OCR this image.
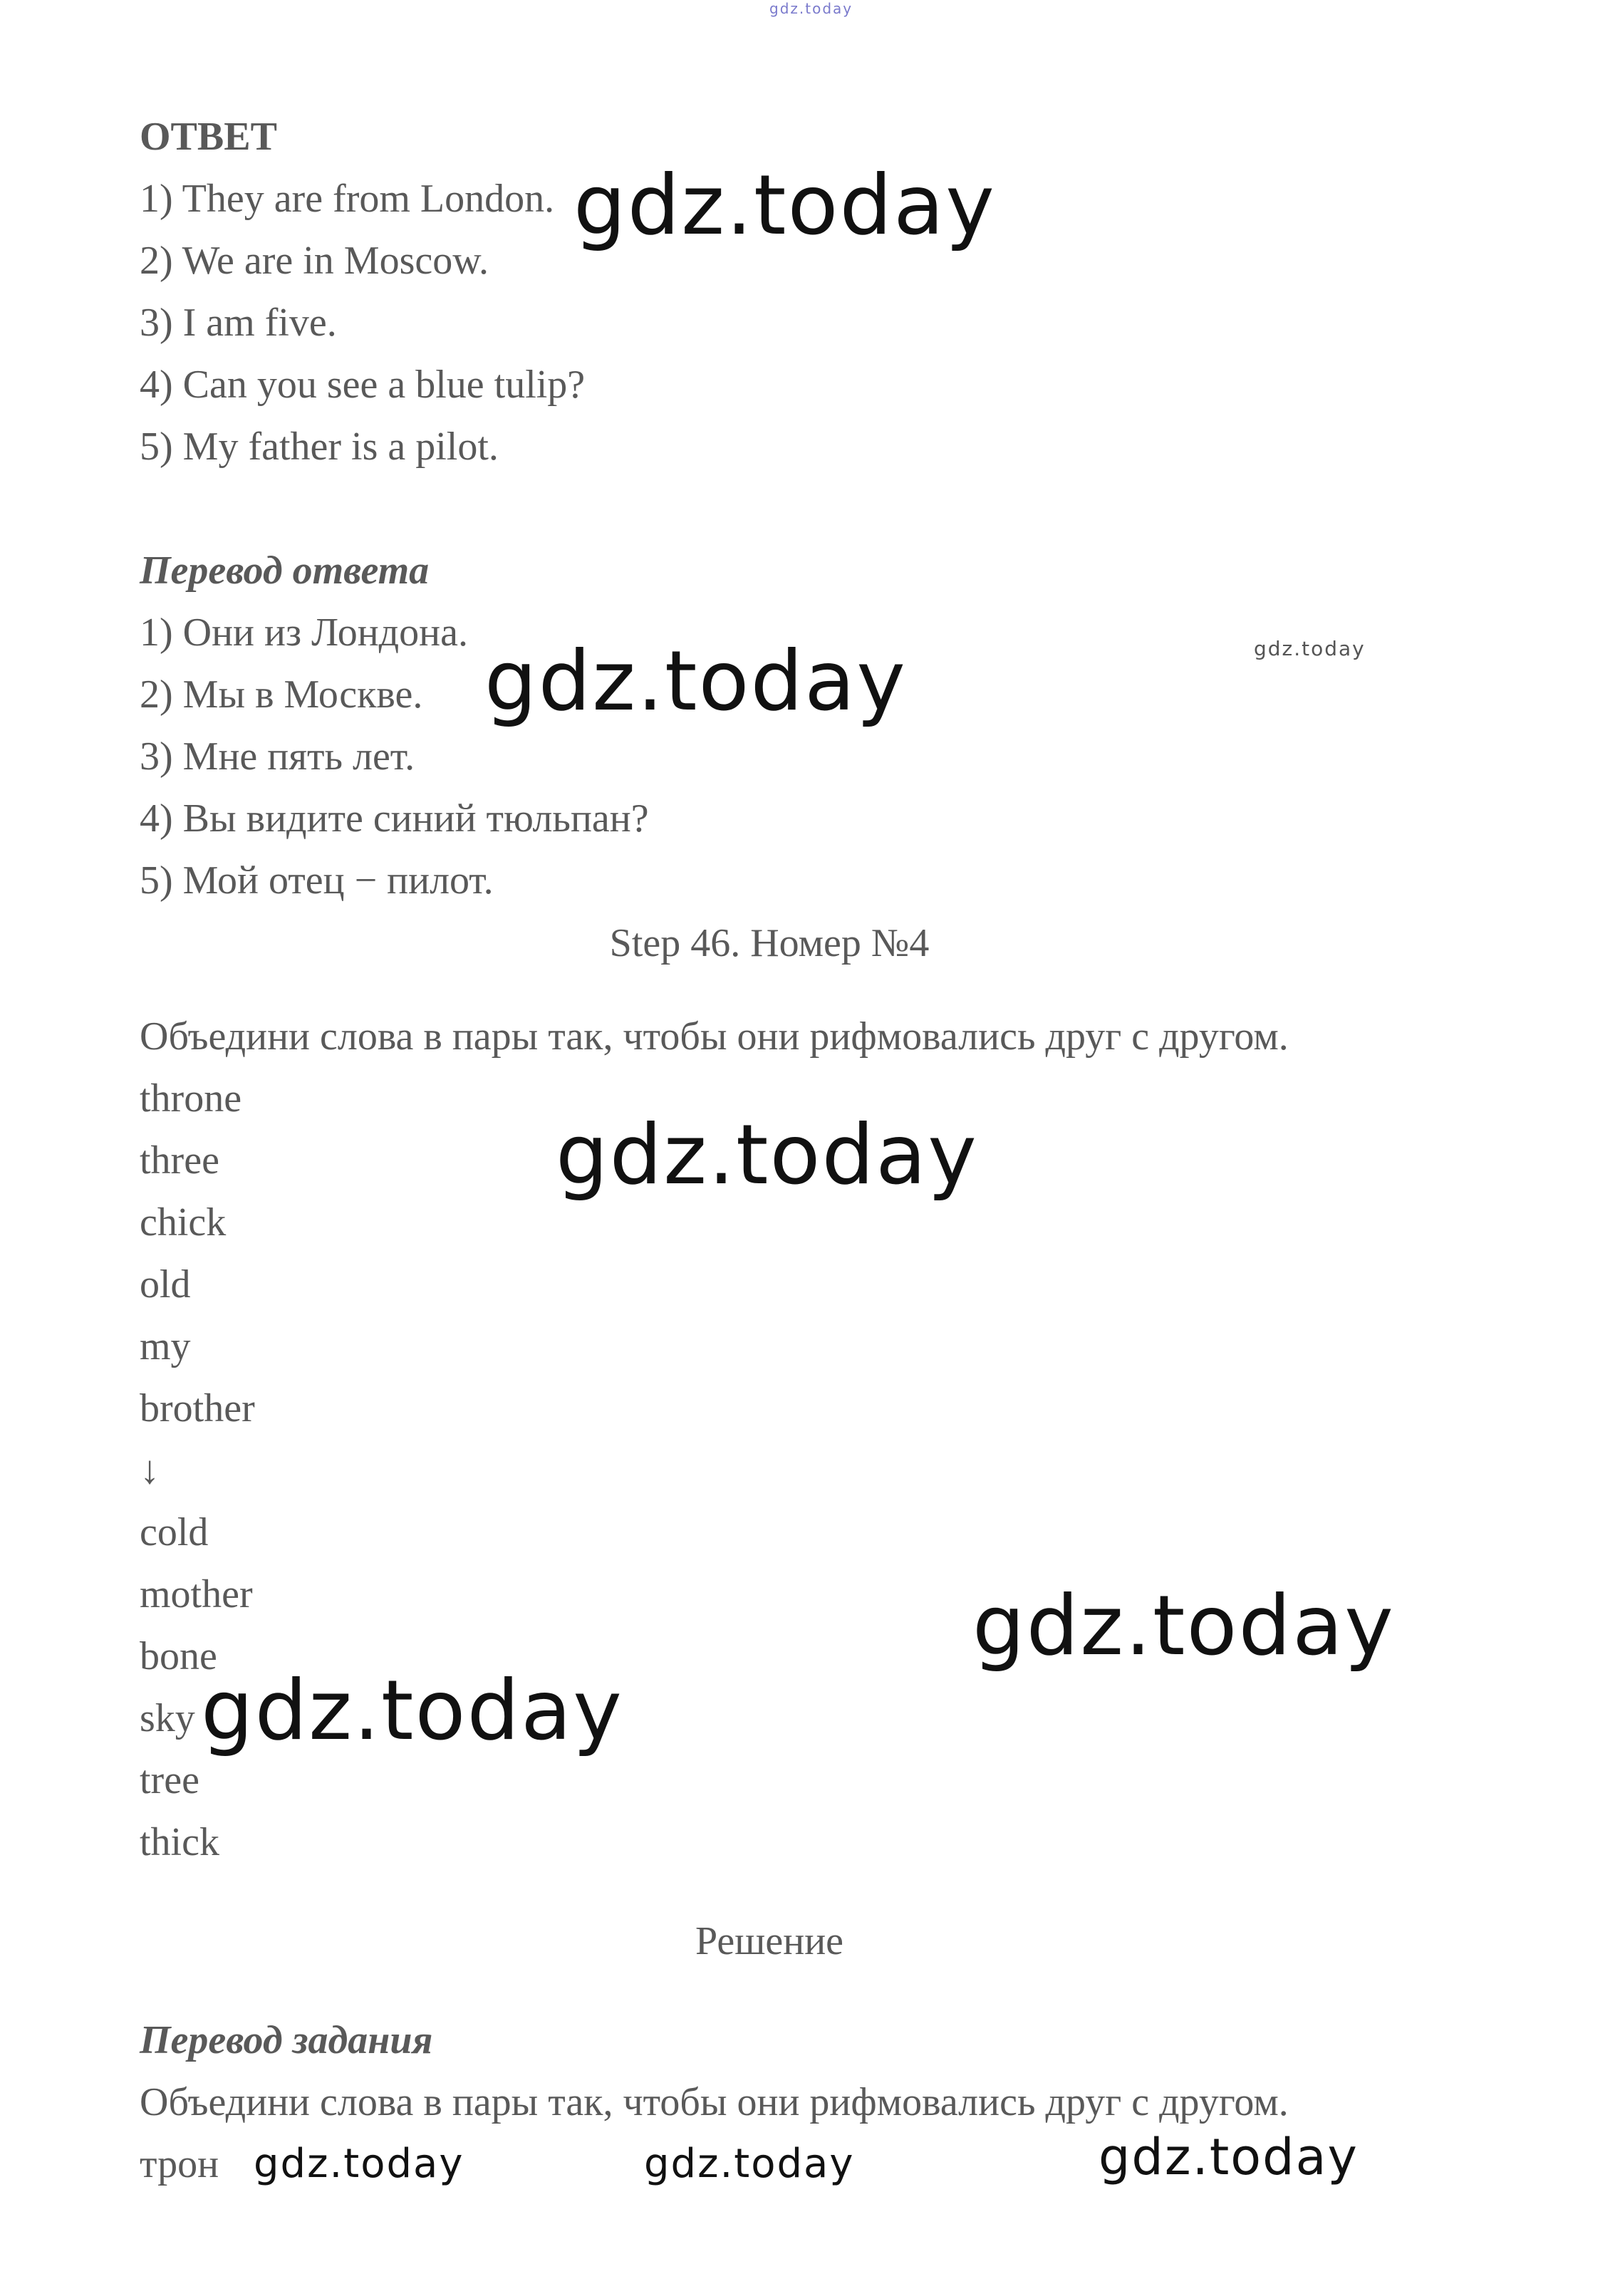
gdz.today
ОТВЕТ
1) They are from London.
2) We are in Moscow.
3) I am five.
4) Can you see a blue tulip?
5) My father is a pilot.
Перевод ответа
1) Они из Лондона.
2) Мы в Москве.
3) Мне пять лет.
4) Вы видите синий тюльпан?
5) Мой отец − пилот.
Step 46. Номер №4
Объедини слова в пары так, чтобы они рифмовались друг с другом.
throne
three
chick
old
my
brother
↓
cold
mother
bone
sky
tree
thick
Решение
Перевод задания
Объедини слова в пары так, чтобы они рифмовались друг с другом.
трон
gdz.today
gdz.today
gdz.today
gdz.today
gdz.today
gdz.today
gdz.today	gdz.today	gdz.today
